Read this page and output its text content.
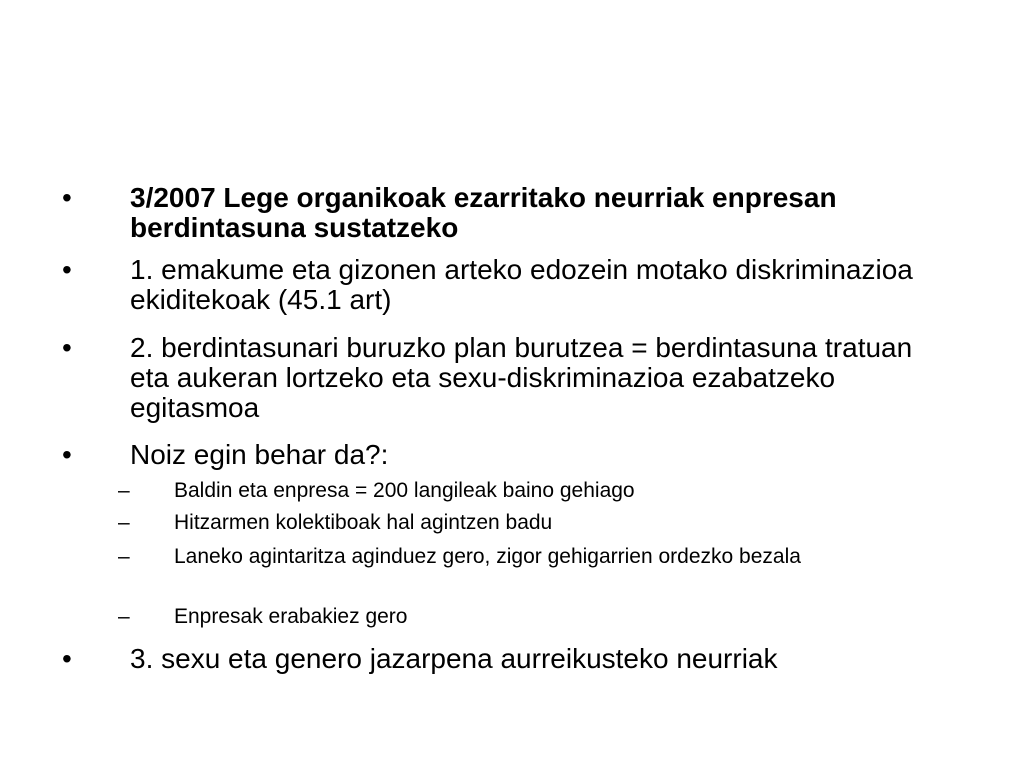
• 3/2007 Lege organikoak ezarritako neurriak enpresan berdintasuna sustatzeko
• 1. emakume eta gizonen arteko edozein motako diskriminazioa ekiditekoak (45.1 art)
• 2. berdintasunari buruzko plan burutzea = berdintasuna tratuan eta aukeran lortzeko eta sexu-diskriminazioa ezabatzeko egitasmoa
• Noiz egin behar da?:
– Baldin eta enpresa = 200 langileak baino gehiago
– Hitzarmen kolektiboak hal agintzen badu
– Laneko agintaritza aginduez gero, zigor gehigarrien ordezko bezala
– Enpresak erabakiez gero
• 3. sexu eta genero jazarpena aurreikusteko neurriak
